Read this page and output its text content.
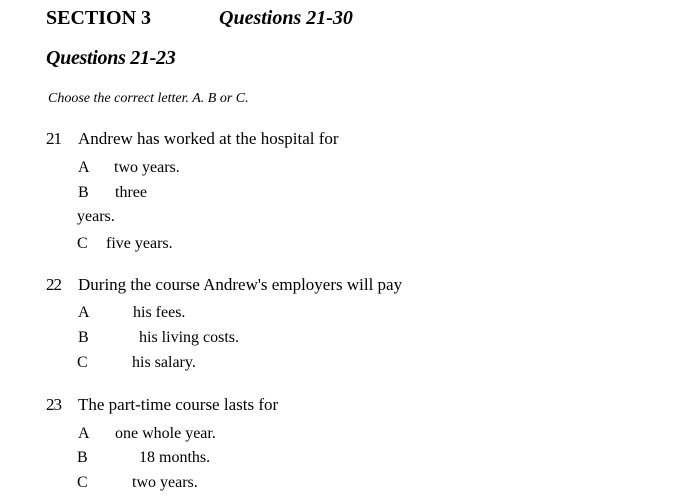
SECTION 3	Questions 21-30
Questions 21-23
Choose the correct letter. A. B or C.
21 Andrew has worked at the hospital for
A two years.
B three
years.
C five years.
22 During the course Andrew's employers will pay
A	his fees.
B	his living costs.
C	his salary.
23 The part-time course lasts for
A one whole year.
B	18 months.
C	two years.
